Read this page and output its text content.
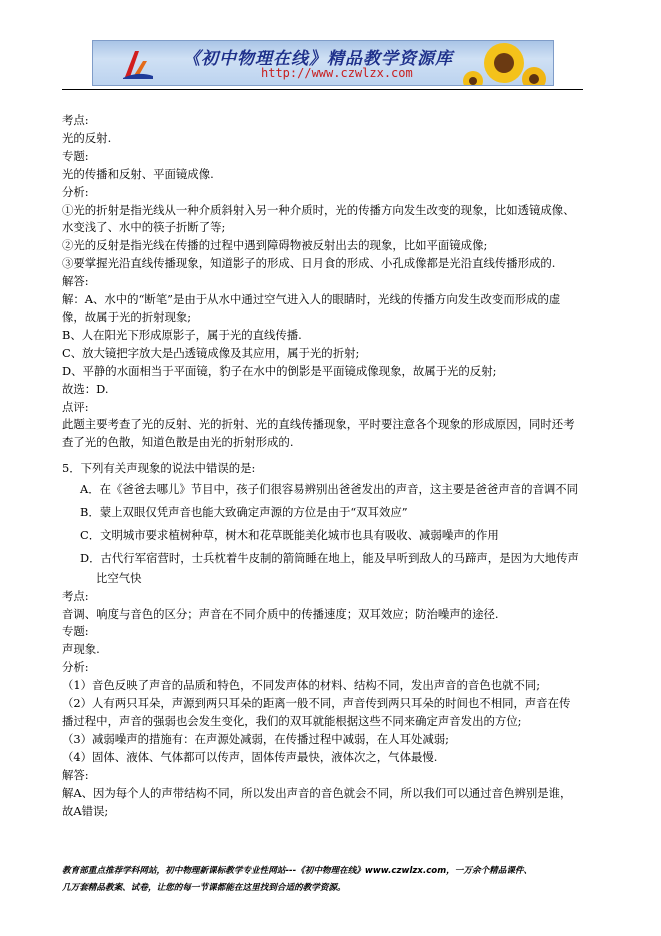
《初中物理在线》精品教学资源库
http://www.czwlzx.com

考点:

光的反射.

专题:

光的传播和反射、平面镜成像.

分析:

①光的折射是指光线从一种介质斜射入另一种介质时，光的传播方向发生改变的现象，比如透镜成像、

水变浅了、水中的筷子折断了等;

②光的反射是指光线在传播的过程中遇到障碍物被反射出去的现象，比如平面镜成像;

③要掌握光沿直线传播现象，知道影子的形成、日月食的形成、小孔成像都是光沿直线传播形成的.

解答:

解：A、水中的“断笔”是由于从水中通过空气进入人的眼睛时，光线的传播方向发生改变而形成的虚

像，故属于光的折射现象;

B、人在阳光下形成原影子，属于光的直线传播.

C、放大镜把字放大是凸透镜成像及其应用，属于光的折射;

D、平静的水面相当于平面镜，豹子在水中的倒影是平面镜成像现象，故属于光的反射;

故选：D.

点评:

此题主要考查了光的反射、光的折射、光的直线传播现象，平时要注意各个现象的形成原因，同时还考

查了光的色散，知道色散是由光的折射形成的.

5．下列有关声现象的说法中错误的是:

A．在《爸爸去哪儿》节目中，孩子们很容易辨别出爸爸发出的声音，这主要是爸爸声音的音调不同

B．蒙上双眼仅凭声音也能大致确定声源的方位是由于“双耳效应”

C．文明城市要求植树种草，树木和花草既能美化城市也具有吸收、减弱噪声的作用

D．古代行军宿营时，士兵枕着牛皮制的箭筒睡在地上，能及早听到敌人的马蹄声，是因为大地传声

比空气快

考点:

音调、响度与音色的区分；声音在不同介质中的传播速度；双耳效应；防治噪声的途径.

专题:

声现象.

分析:

（1）音色反映了声音的品质和特色，不同发声体的材料、结构不同，发出声音的音色也就不同;

（2）人有两只耳朵，声源到两只耳朵的距离一般不同，声音传到两只耳朵的时间也不相同，声音在传

播过程中，声音的强弱也会发生变化，我们的双耳就能根据这些不同来确定声音发出的方位;

（3）减弱噪声的措施有：在声源处减弱，在传播过程中减弱，在人耳处减弱;

（4）固体、液体、气体都可以传声，固体传声最快，液体次之，气体最慢.

解答:

解A、因为每个人的声带结构不同，所以发出声音的音色就会不同，所以我们可以通过音色辨别是谁，

故A错误;

教育部重点推荐学科网站，初中物理新课标教学专业性网站---《初中物理在线》www.czwlzx.com，一万余个精品课件、
几万套精品教案、试卷，让您的每一节课都能在这里找到合适的教学资源。
